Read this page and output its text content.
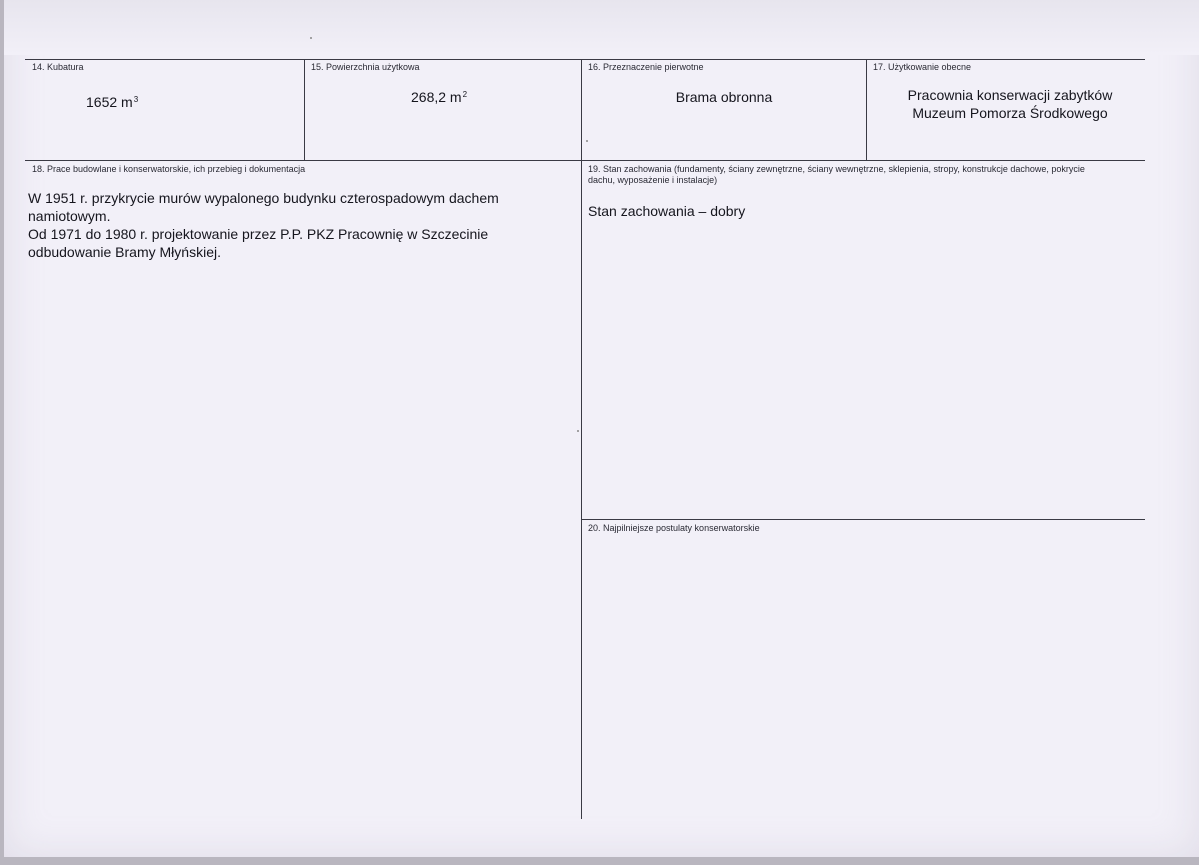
14. Kubatura
1652 $m^3$
15. Powierzchnia użytkowa
268,2 $m^2$
16. Przeznaczenie pierwotne
Brama obronna
17. Użytkowanie obecne
Pracownia konserwacji zabytków
Muzeum Pomorza Środkowego
18. Prace budowlane i konserwatorskie, ich przebieg i dokumentacja

W 1951 r. przykrycie murów wypalonego budynku czterospadowym dachem namiotowym.

Od 1971 do 1980 r. projektowanie przez P.P. PKZ Pracownię w Szczecinie odbudowanie Bramy Młyńskiej.

19. Stan zachowania (fundamenty, ściany zewnętrzne, ściany wewnętrzne, sklepienia, stropy, konstrukcje dachowe, pokrycie dachu, wyposażenie i instalacje)
Stan zachowania – dobry
20. Najpilniejsze postulaty konserwatorskie
